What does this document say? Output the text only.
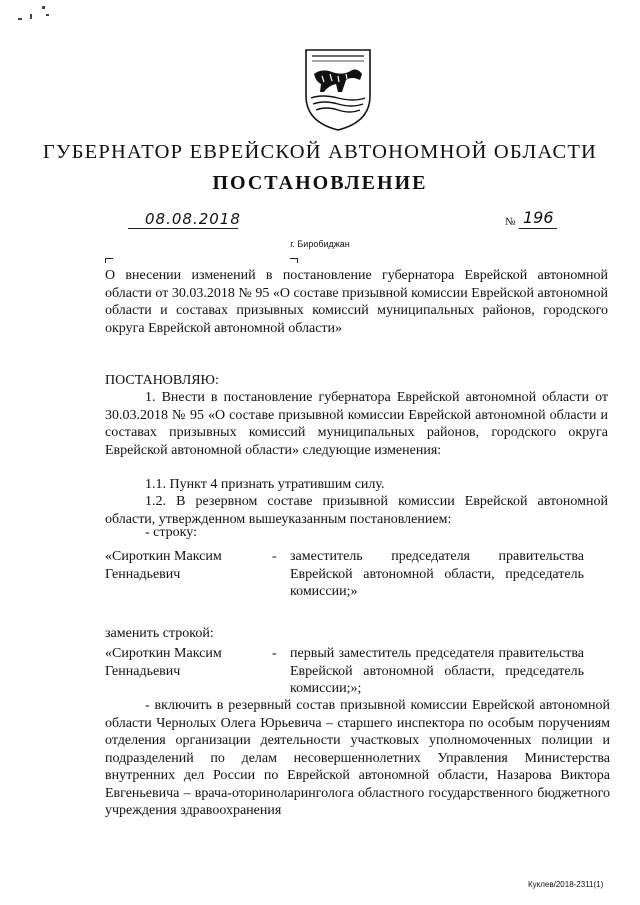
ГУБЕРНАТОР ЕВРЕЙСКОЙ АВТОНОМНОЙ ОБЛАСТИ
ПОСТАНОВЛЕНИЕ
08.08.2018	№ 196
г. Биробиджан
О внесении изменений в постановление губернатора Еврейской автономной области от 30.03.2018 № 95 «О составе призывной комиссии Еврейской автономной области и составах призывных комиссий муниципальных районов, городского округа Еврейской автономной области»
ПОСТАНОВЛЯЮ:
1. Внести в постановление губернатора Еврейской автономной области от 30.03.2018 № 95 «О составе призывной комиссии Еврейской автономной области и составах призывных комиссий муниципальных районов, городского округа Еврейской автономной области» следующие изменения:
1.1. Пункт 4 признать утратившим силу.
1.2. В резервном составе призывной комиссии Еврейской автономной области, утвержденном вышеуказанным постановлением:
- строку:
«Сироткин Максим Геннадьевич
- заместитель председателя правительства Еврейской автономной области, председатель комиссии;»
заменить строкой:
«Сироткин Максим Геннадьевич
- первый заместитель председателя правительства Еврейской автономной области, председатель комиссии;»;
- включить в резервный состав призывной комиссии Еврейской автономной области Чернолых Олега Юрьевича – старшего инспектора по особым поручениям отделения организации деятельности участковых уполномоченных полиции и подразделений по делам несовершеннолетних Управления Министерства внутренних дел России по Еврейской автономной области, Назарова Виктора Евгеньевича – врача-оториноларинголога областного государственного бюджетного учреждения здравоохранения
Куклев/2018-2311(1)
